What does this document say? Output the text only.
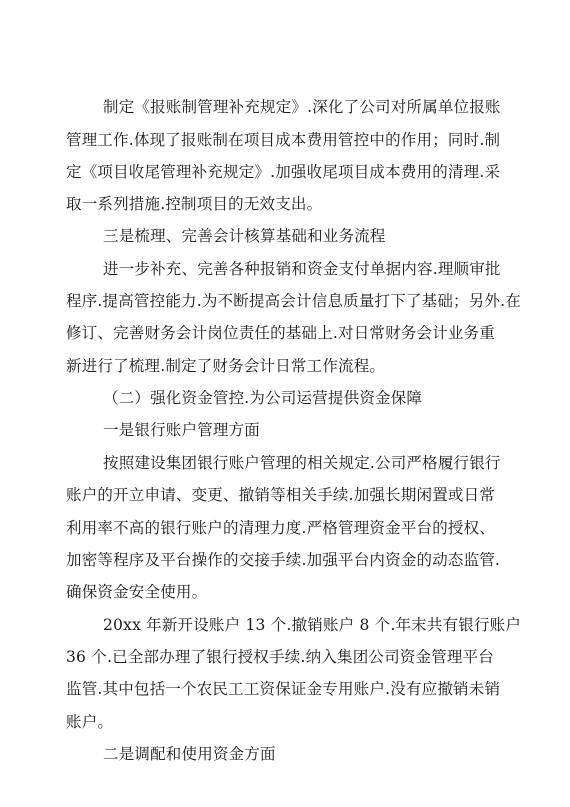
制定《报账制管理补充规定》.深化了公司对所属单位报账
管理工作.体现了报账制在项目成本费用管控中的作用；同时.制
定《项目收尾管理补充规定》.加强收尾项目成本费用的清理.采
取一系列措施.控制项目的无效支出。
三是梳理、完善会计核算基础和业务流程
进一步补充、完善各种报销和资金支付单据内容.理顺审批
程序.提高管控能力.为不断提高会计信息质量打下了基础；另外.在
修订、完善财务会计岗位责任的基础上.对日常财务会计业务重
新进行了梳理.制定了财务会计日常工作流程。
（二）强化资金管控.为公司运营提供资金保障
一是银行账户管理方面
按照建设集团银行账户管理的相关规定.公司严格履行银行
账户的开立申请、变更、撤销等相关手续.加强长期闲置或日常
利用率不高的银行账户的清理力度.严格管理资金平台的授权、
加密等程序及平台操作的交接手续.加强平台内资金的动态监管.
确保资金安全使用。
20xx 年新开设账户 13 个.撤销账户 8 个.年末共有银行账户
36 个.已全部办理了银行授权手续.纳入集团公司资金管理平台
监管.其中包括一个农民工工资保证金专用账户.没有应撤销未销
账户。
二是调配和使用资金方面
